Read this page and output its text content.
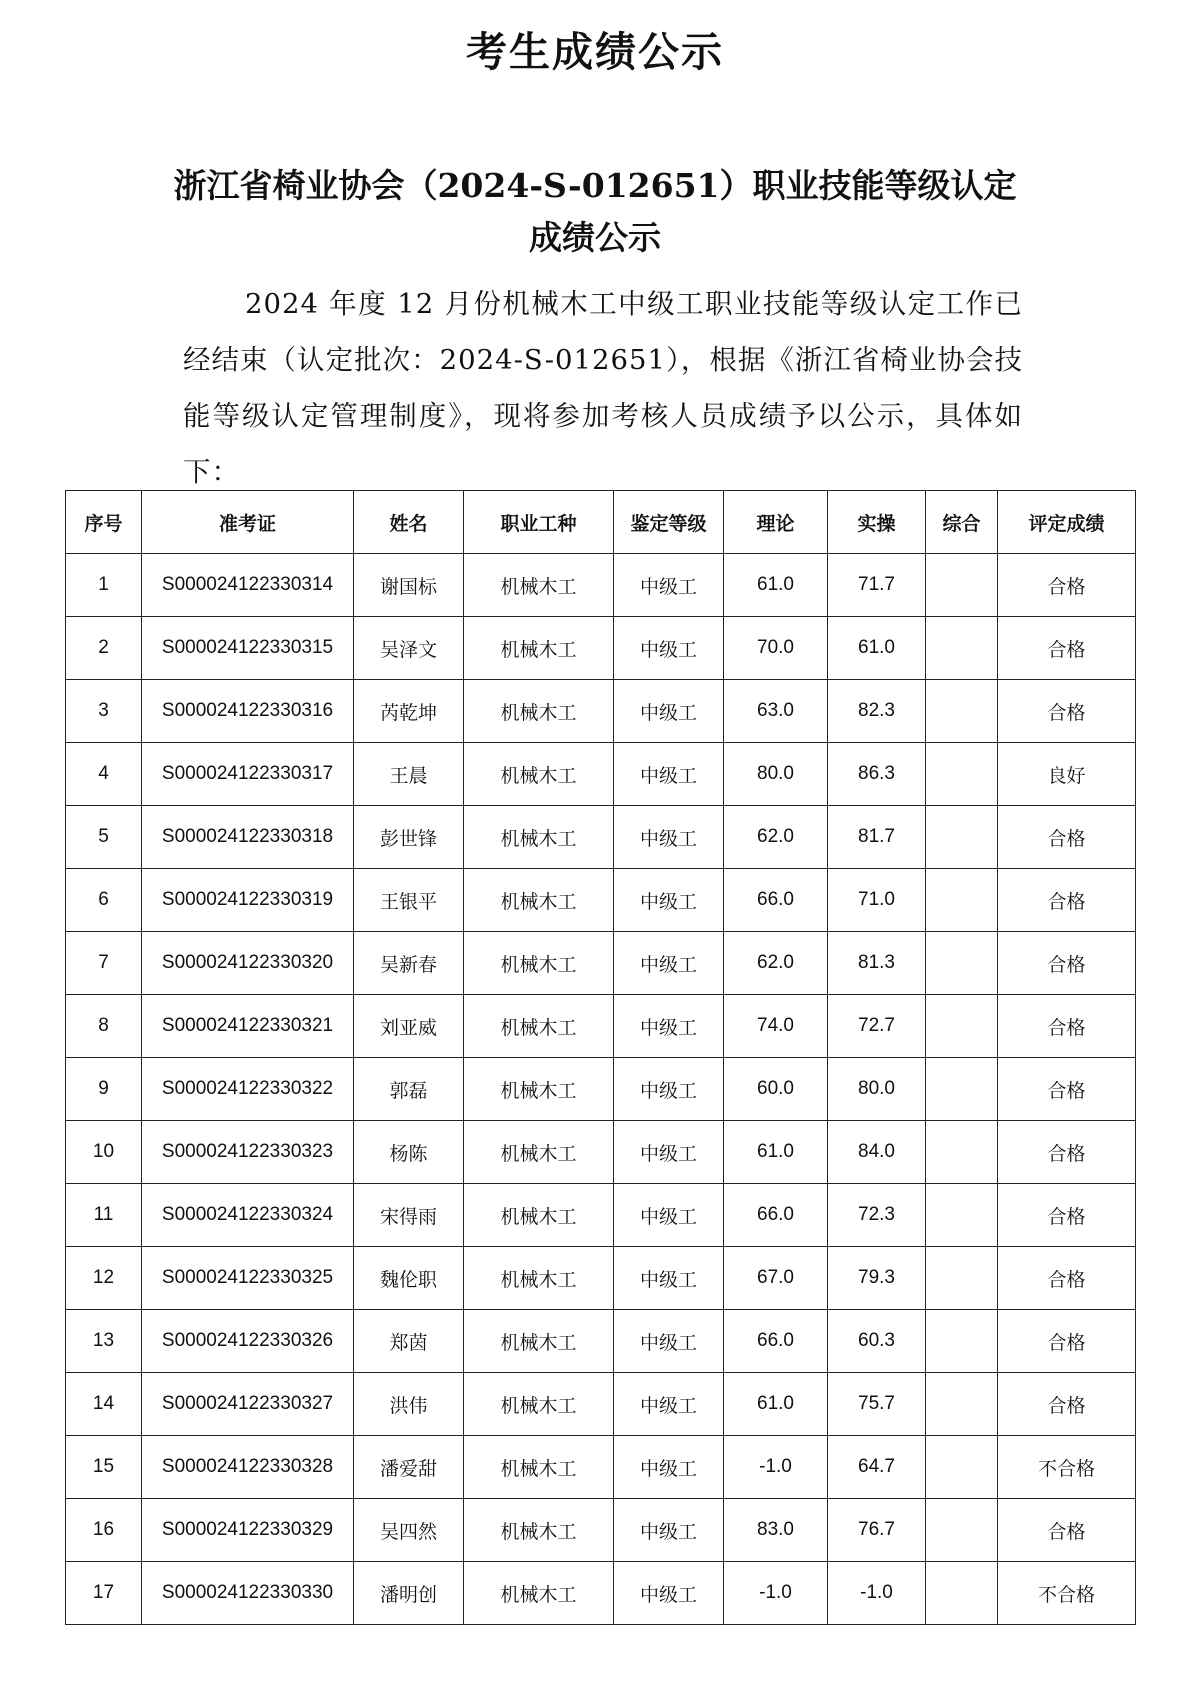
考生成绩公示
浙江省椅业协会（2024-S-012651）职业技能等级认定
成绩公示
2024 年度 12 月份机械木工中级工职业技能等级认定工作已经结束（认定批次：2024-S-012651），根据《浙江省椅业协会技能等级认定管理制度》，现将参加考核人员成绩予以公示，具体如下：
序号	准考证	姓名	职业工种	鉴定等级	理论	实操	综合	评定成绩
1	S000024122330314	谢国标	机械木工	中级工	61.0	71.7		合格
2	S000024122330315	吴泽文	机械木工	中级工	70.0	61.0		合格
3	S000024122330316	芮乾坤	机械木工	中级工	63.0	82.3		合格
4	S000024122330317	王晨	机械木工	中级工	80.0	86.3		良好
5	S000024122330318	彭世锋	机械木工	中级工	62.0	81.7		合格
6	S000024122330319	王银平	机械木工	中级工	66.0	71.0		合格
7	S000024122330320	吴新春	机械木工	中级工	62.0	81.3		合格
8	S000024122330321	刘亚威	机械木工	中级工	74.0	72.7		合格
9	S000024122330322	郭磊	机械木工	中级工	60.0	80.0		合格
10	S000024122330323	杨陈	机械木工	中级工	61.0	84.0		合格
11	S000024122330324	宋得雨	机械木工	中级工	66.0	72.3		合格
12	S000024122330325	魏伦职	机械木工	中级工	67.0	79.3		合格
13	S000024122330326	郑茵	机械木工	中级工	66.0	60.3		合格
14	S000024122330327	洪伟	机械木工	中级工	61.0	75.7		合格
15	S000024122330328	潘爱甜	机械木工	中级工	-1.0	64.7		不合格
16	S000024122330329	吴四然	机械木工	中级工	83.0	76.7		合格
17	S000024122330330	潘明创	机械木工	中级工	-1.0	-1.0		不合格
